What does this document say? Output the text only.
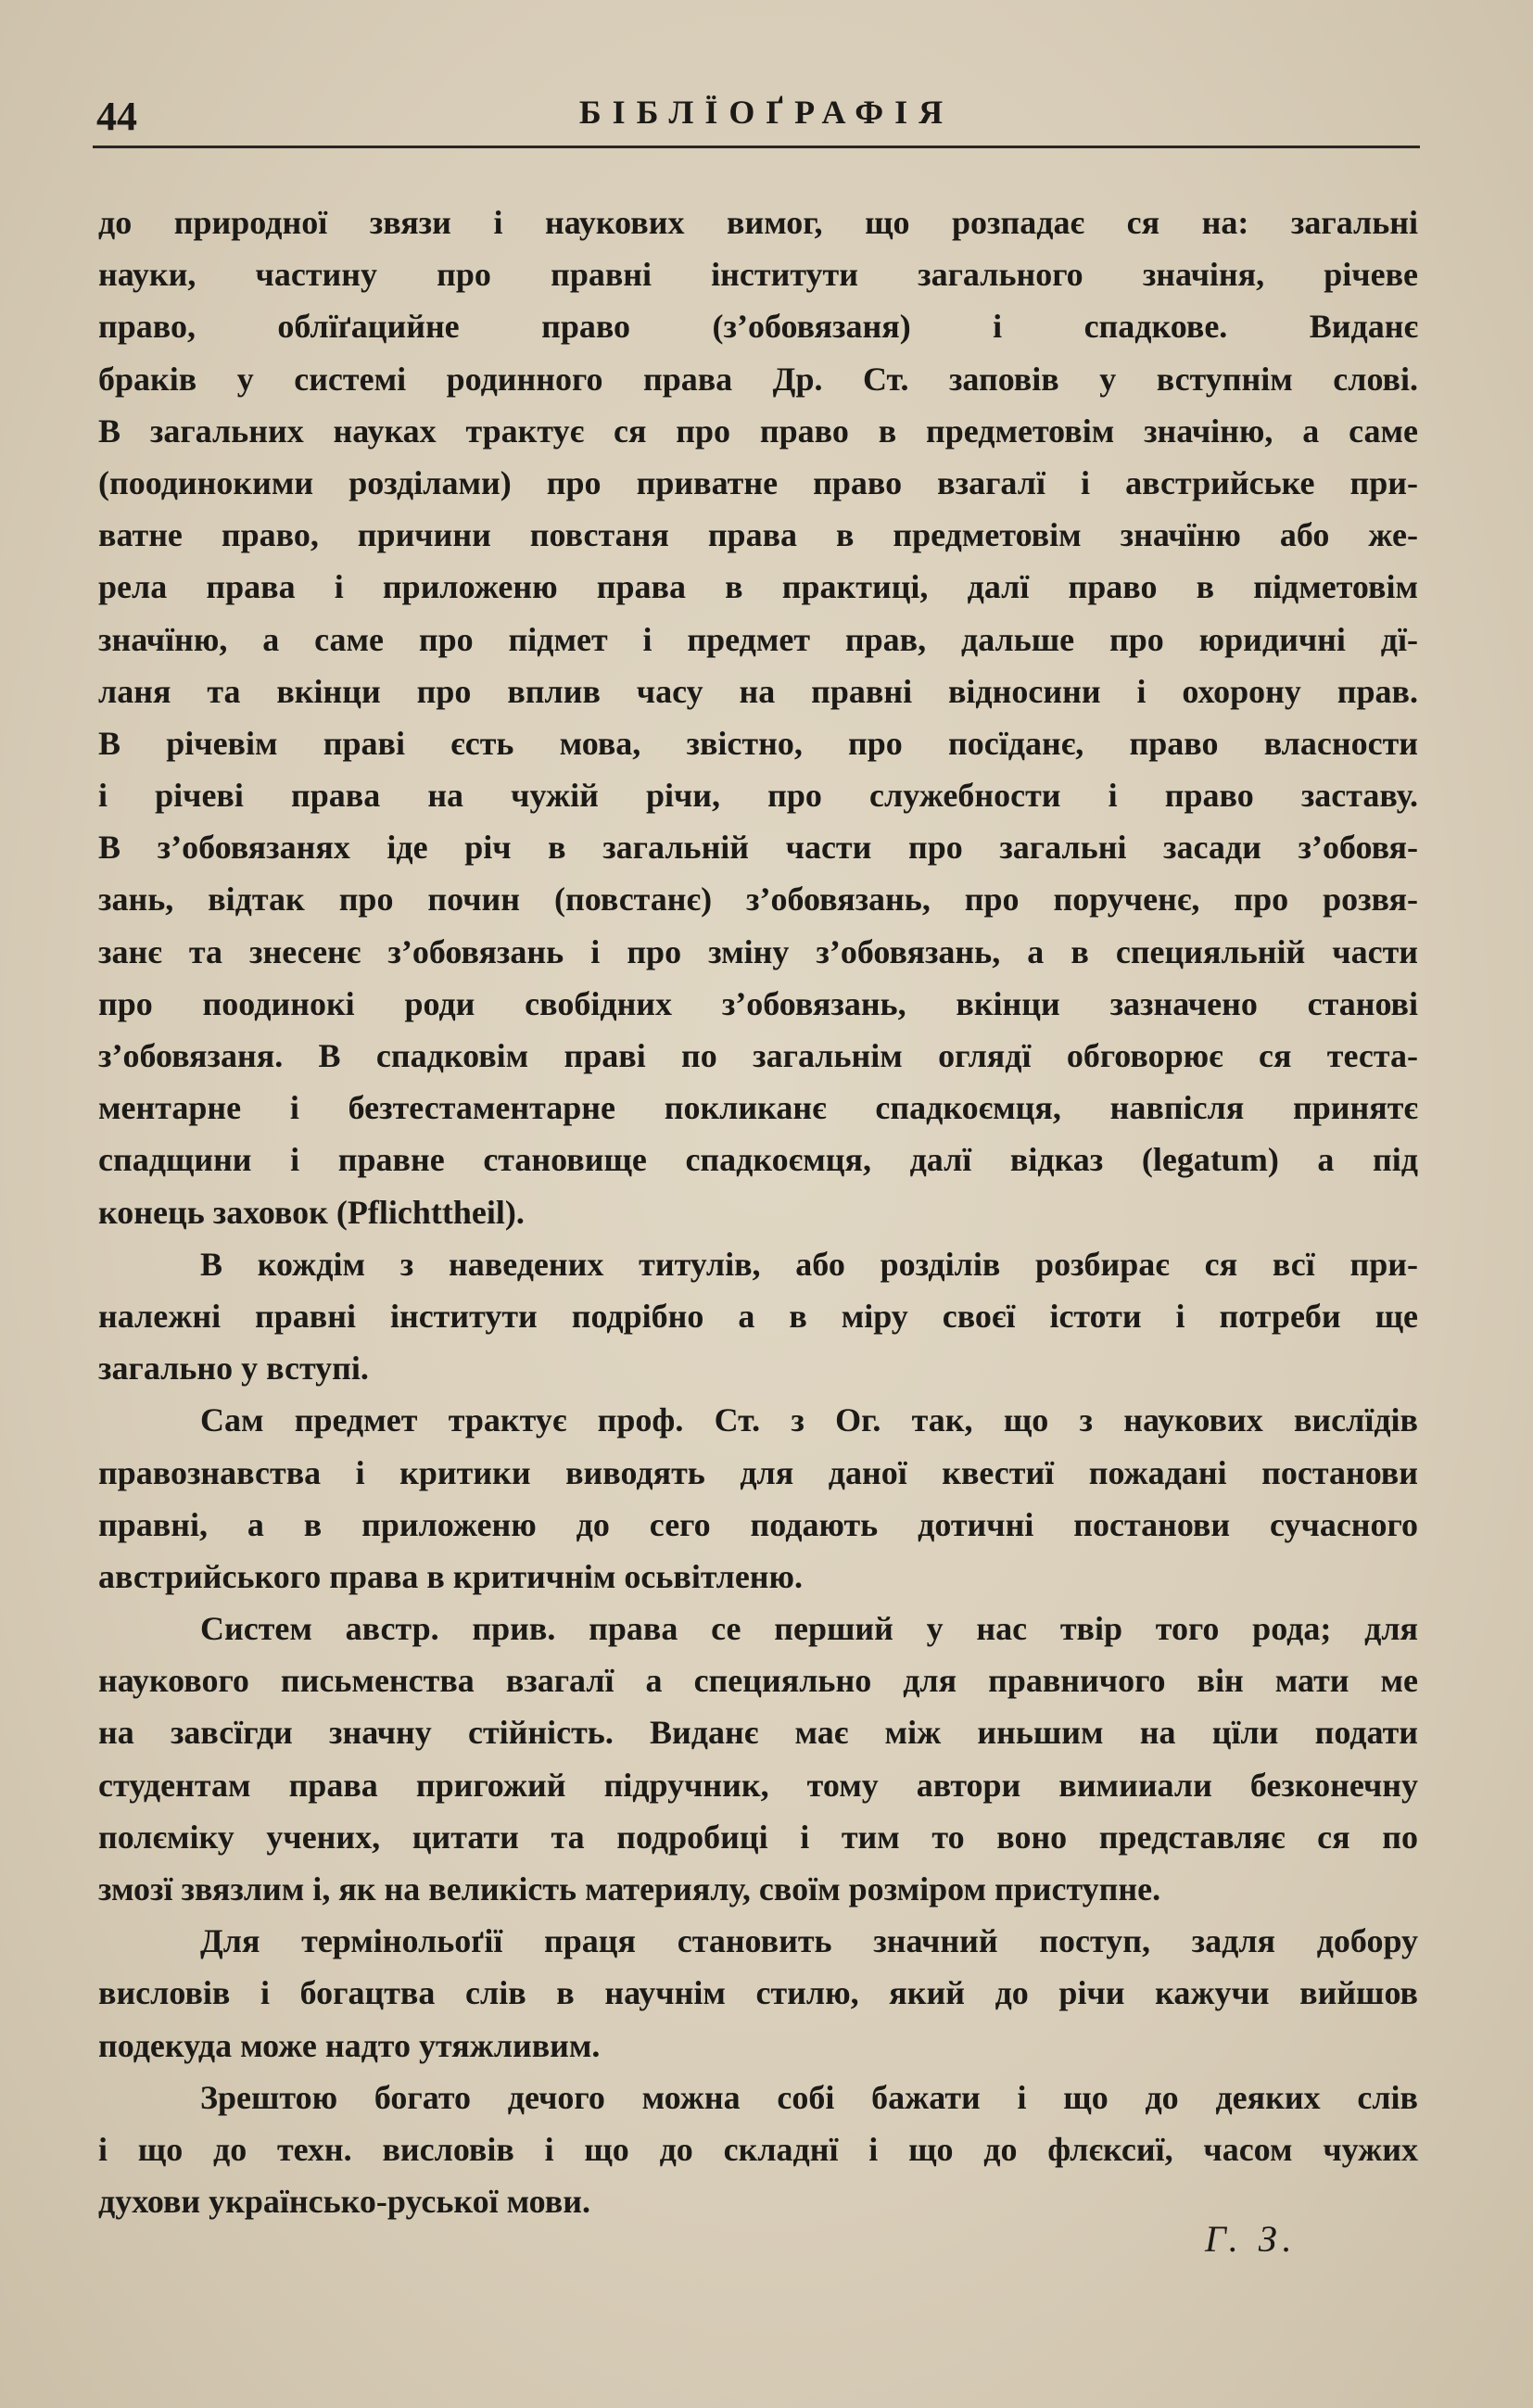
44	БІБЛЇОҐРАФІЯ
до природної звязи і наукових вимог, що розпадає ся на: загальні
науки, частину про правні інститути загального значіня, річеве
право, облїґацийне право (з’обовязаня) і спадкове. Виданє
браків у системі родинного права Др. Ст. заповів у вступнім слові.
В загальних науках трактує ся про право в предметовім значіню, а саме
(поодинокими розділами) про приватне право взагалї і австрийське при-
ватне право, причини повстаня права в предметовім значїню або же-
рела права і приложеню права в практиці, далї право в підметовім
значїню, а саме про підмет і предмет прав, дальше про юридичні дї-
ланя та вкінци про вплив часу на правні відносини і охорону прав.
В річевім праві єсть мова, звістно, про посїданє, право власности
і річеві права на чужій річи, про служебности і право заставу.
В з’обовязанях іде річ в загальній части про загальні засади з’обовя-
зань, відтак про почин (повстанє) з’обовязань, про порученє, про розвя-
занє та знесенє з’обовязань і про зміну з’обовязань, а в специяльній части
про поодинокі роди свобідних з’обовязань, вкінци зазначено станові
з’обовязаня. В спадковім праві по загальнім оглядї обговорює ся теста-
ментарне і безтестаментарне покликанє спадкоємця, навпісля принятє
спадщини і правне становище спадкоємця, далї відказ (legatum) а під
конець заховок (Pflichttheil).
В кождім з наведених титулів, або розділів розбирає ся всї при-
належні правні інститути подрібно а в міру своєї істоти і потреби ще
загально у вступі.
Сам предмет трактує проф. Ст. з Ог. так, що з наукових вислїдів
правознавства і критики виводять для даної квестиї пожадані постанови
правні, а в приложеню до сего подають дотичні постанови сучасного
австрийського права в критичнім осьвітленю.
Систем австр. прив. права се перший у нас твір того рода; для
наукового письменства взагалї а специяльно для правничого він мати ме
на завсїгди значну стійність. Виданє має між иньшим на цїли подати
студентам права пригожий підручник, тому автори вимииали безконечну
полєміку учених, цитати та подробиці і тим то воно представляє ся по
змозї звязлим і, як на великість материялу, своїм розміром приступне.
Для термінольоґії праця становить значний поступ, задля добору
висловів і богацтва слів в научнім стилю, який до річи кажучи вийшов
подекуда може надто утяжливим.
Зрештою богато дечого можна собі бажати і що до деяких слів
і що до техн. висловів і що до складнї і що до флєксиї, часом чужих
духови українсько-руської мови.
Г. З.
